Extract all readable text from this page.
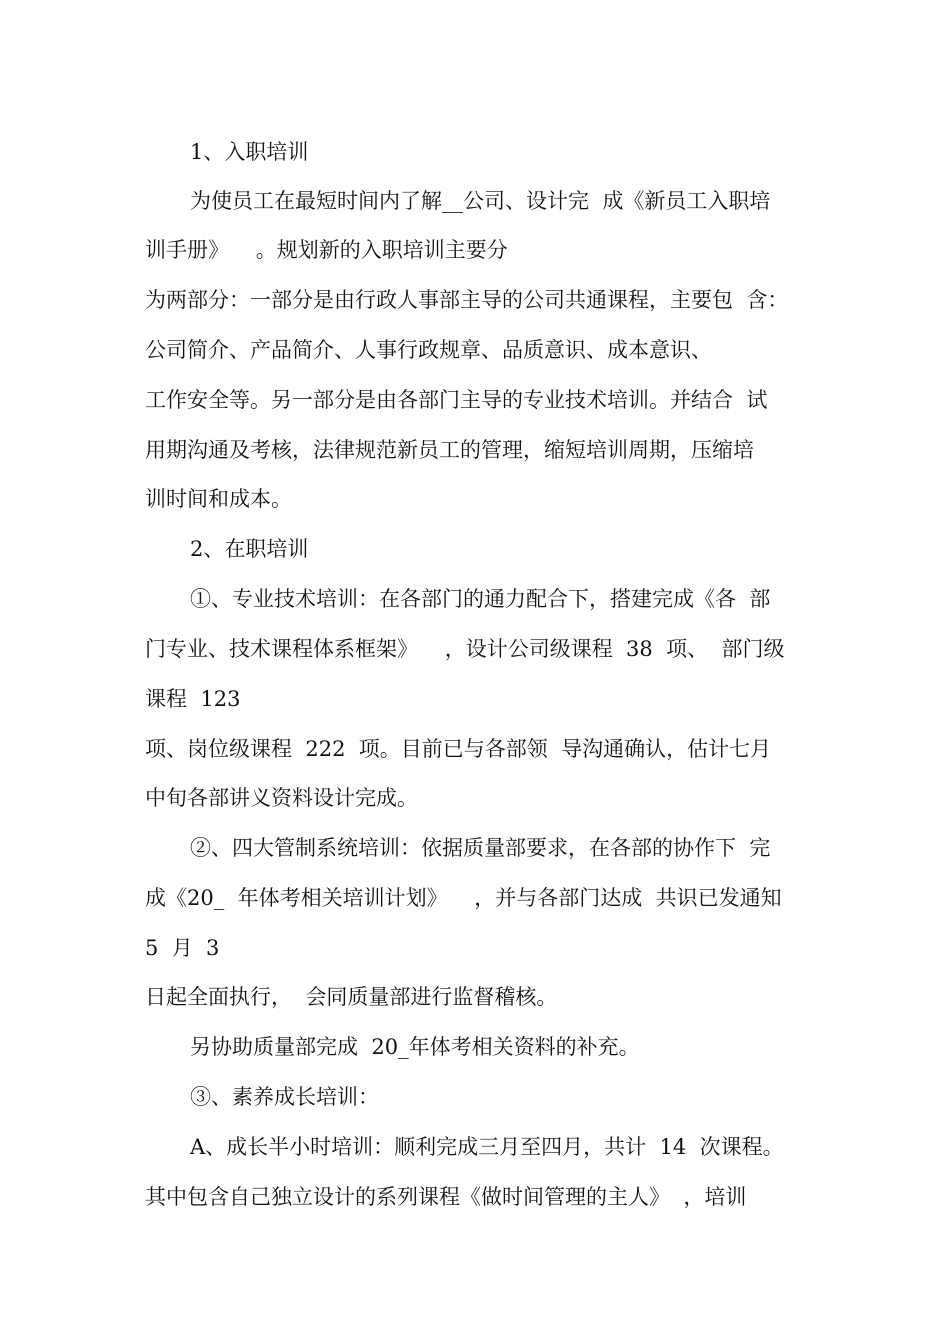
1、入职培训
为使员工在最短时间内了解__公司、设计完  成《新员工入职培
训手册》    。规划新的入职培训主要分
为两部分：一部分是由行政人事部主导的公司共通课程，主要包  含：
公司简介、产品简介、人事行政规章、品质意识、成本意识、
工作安全等。另一部分是由各部门主导的专业技术培训。并结合  试
用期沟通及考核，法律规范新员工的管理，缩短培训周期，压缩培
训时间和成本。
2、在职培训
①、专业技术培训：在各部门的通力配合下，搭建完成《各  部
门专业、技术课程体系框架》    ，设计公司级课程  38  项、  部门级
课程  123
项、岗位级课程  222  项。目前已与各部领  导沟通确认，估计七月
中旬各部讲义资料设计完成。
②、四大管制系统培训：依据质量部要求，在各部的协作下  完
成《20_  年体考相关培训计划》    ，并与各部门达成  共识已发通知
5  月  3
日起全面执行，  会同质量部进行监督稽核。
另协助质量部完成  20_年体考相关资料的补充。
③、素养成长培训：
A、成长半小时培训：顺利完成三月至四月，共计  14  次课程。
其中包含自己独立设计的系列课程《做时间管理的主人》  ，培训
